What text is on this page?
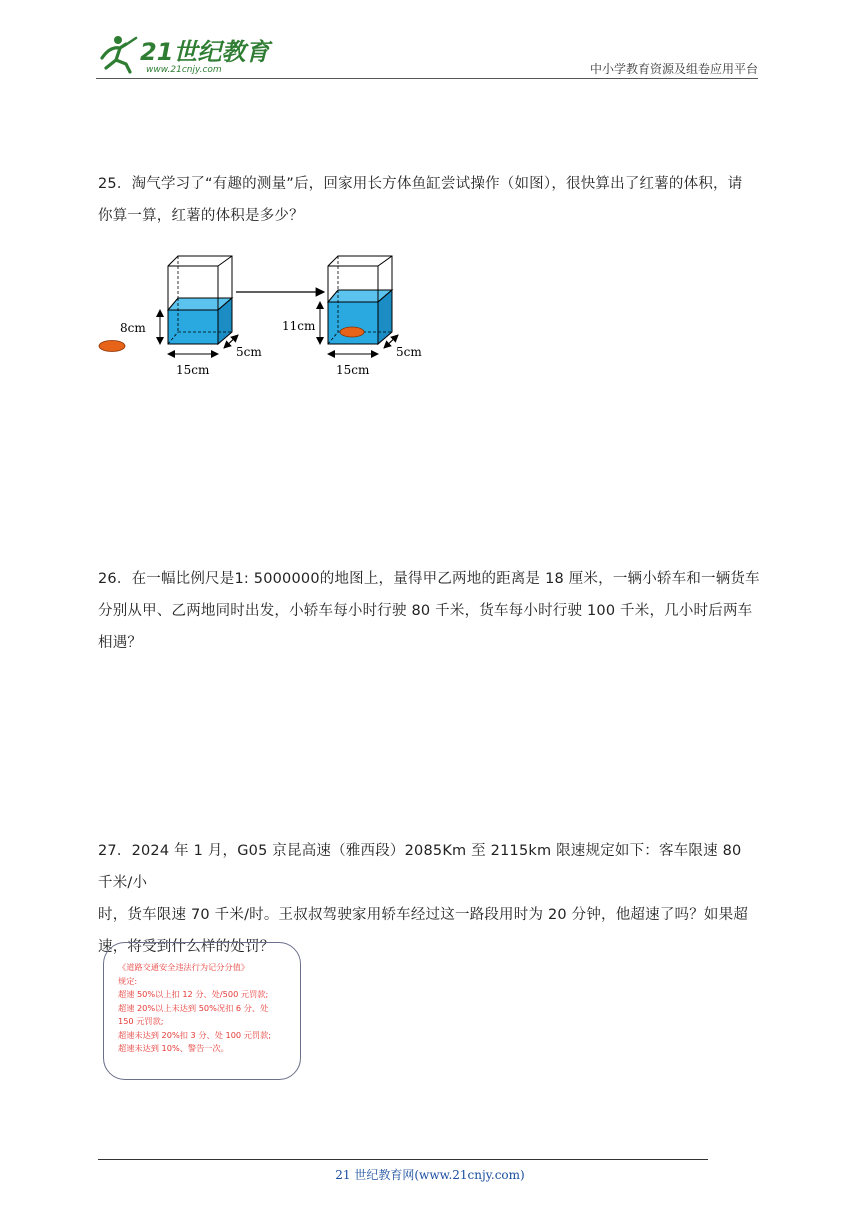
21世纪教育
www.21cnjy.com	中小学教育资源及组卷应用平台
25．淘气学习了“有趣的测量”后，回家用长方体鱼缸尝试操作（如图），很快算出了红薯的体积，请
你算一算，红薯的体积是多少？
8cm
15cm
5cm
11cm
15cm
5cm
26．在一幅比例尺是1: 5000000的地图上，量得甲乙两地的距离是 18 厘米，一辆小轿车和一辆货车
分别从甲、乙两地同时出发，小轿车每小时行驶 80 千米，货车每小时行驶 100 千米，几小时后两车
相遇？
27．2024 年 1 月，G05 京昆高速（雅西段）2085Km 至 2115km 限速规定如下：客车限速 80 千米/小
时，货车限速 70 千米/时。王叔叔驾驶家用轿车经过这一路段用时为 20 分钟，他超速了吗？如果超
速，将受到什么样的处罚？
《道路交通安全违法行为记分分值》
规定:
超速 50%以上扣 12 分、处/500 元罚款;
超速 20%以上未达到 50%况扣 6 分、处
150 元罚款;
超速未达到 20%扣 3 分、处 100 元罚款;
超速未达到 10%、警告一次。
21 世纪教育网(www.21cnjy.com)
